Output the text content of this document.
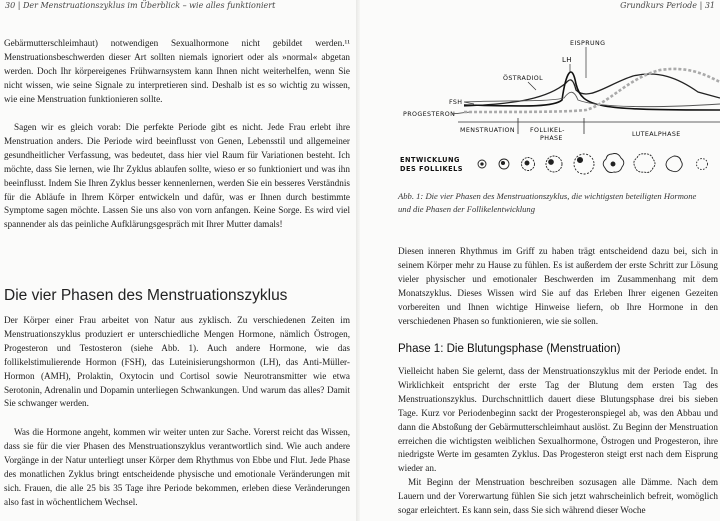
30 | Der Menstruationszyklus im Überblick – wie alles funktioniert

Gebärmutterschleimhaut) notwendigen Sexualhormone nicht gebildet werden.¹¹ Menstruationsbeschwerden dieser Art sollten niemals ignoriert oder als »normal« abgetan werden. Doch Ihr körpereigenes Frühwarnsystem kann Ihnen nicht weiterhelfen, wenn Sie nicht wissen, wie seine Signale zu interpretieren sind. Deshalb ist es so wichtig zu wissen, wie eine Menstruation funktionieren sollte.

Sagen wir es gleich vorab: Die perfekte Periode gibt es nicht. Jede Frau erlebt ihre Menstruation anders. Die Periode wird beeinflusst von Genen, Lebensstil und allgemeiner gesundheitlicher Verfassung, was bedeutet, dass hier viel Raum für Variationen besteht. Ich möchte, dass Sie lernen, wie Ihr Zyklus ablaufen sollte, wieso er so funktioniert und was ihn beeinflusst. Indem Sie Ihren Zyklus besser kennenlernen, werden Sie ein besseres Verständnis für die Abläufe in Ihrem Körper entwickeln und dafür, was er Ihnen durch bestimmte Symptome sagen möchte. Lassen Sie uns also von vorn anfangen. Keine Sorge. Es wird viel spannender als das peinliche Aufklärungsgespräch mit Ihrer Mutter damals!

Die vier Phasen des Menstruationszyklus

Der Körper einer Frau arbeitet von Natur aus zyklisch. Zu verschiedenen Zeiten im Menstruationszyklus produziert er unterschiedliche Mengen Hormone, nämlich Östrogen, Progesteron und Testosteron (siehe Abb. 1). Auch andere Hormone, wie das follikelstimulierende Hormon (FSH), das Luteinisierungshormon (LH), das Anti-Müller-Hormon (AMH), Prolaktin, Oxytocin und Cortisol sowie Neurotransmitter wie etwa Serotonin, Adrenalin und Dopamin unterliegen Schwankungen. Und warum das alles? Damit Sie schwanger werden.

Was die Hormone angeht, kommen wir weiter unten zur Sache. Vorerst reicht das Wissen, dass sie für die vier Phasen des Menstruationszyklus verantwortlich sind. Wie auch andere Vorgänge in der Natur unterliegt unser Körper dem Rhythmus von Ebbe und Flut. Jede Phase des monatlichen Zyklus bringt entscheidende physische und emotionale Veränderungen mit sich. Frauen, die alle 25 bis 35 Tage ihre Periode bekommen, erleben diese Veränderungen also fast in wöchentlichem Wechsel.

Grundkurs Periode | 31
EISPRUNG
LH
ÖSTRADIOL
FSH
PROGESTERON
MENSTRUATION FOLLIKEL-
PHASE
LUTEALPHASE
ENTWICKLUNG
DES FOLLIKELS

Abb. 1: Die vier Phasen des Menstruationszyklus, die wichtigsten beteiligten Hormone und die Phasen der Follikelentwicklung

Diesen inneren Rhythmus im Griff zu haben trägt entscheidend dazu bei, sich in seinem Körper mehr zu Hause zu fühlen. Es ist außerdem der erste Schritt zur Lösung vieler physischer und emotionaler Beschwerden im Zusammenhang mit dem Monatszyklus. Dieses Wissen wird Sie auf das Erleben Ihrer eigenen Gezeiten vorbereiten und Ihnen wichtige Hinweise liefern, ob Ihre Hormone in den verschiedenen Phasen so funktionieren, wie sie sollen.

Phase 1: Die Blutungsphase (Menstruation)

Vielleicht haben Sie gelernt, dass der Menstruationszyklus mit der Periode endet. In Wirklichkeit entspricht der erste Tag der Blutung dem ersten Tag des Menstruationszyklus. Durchschnittlich dauert diese Blutungsphase drei bis sieben Tage. Kurz vor Periodenbeginn sackt der Progesteronspiegel ab, was den Abbau und dann die Abstoßung der Gebärmutterschleimhaut auslöst. Zu Beginn der Menstruation erreichen die wichtigsten weiblichen Sexualhormone, Östrogen und Progesteron, ihre niedrigste Werte im gesamten Zyklus. Das Progesteron steigt erst nach dem Eisprung wieder an.

Mit Beginn der Menstruation beschreiben sozusagen alle Dämme. Nach dem Lauern und der Vorerwartung fühlen Sie sich jetzt wahrscheinlich befreit, womöglich sogar erleichtert. Es kann sein, dass Sie sich während dieser Woche
